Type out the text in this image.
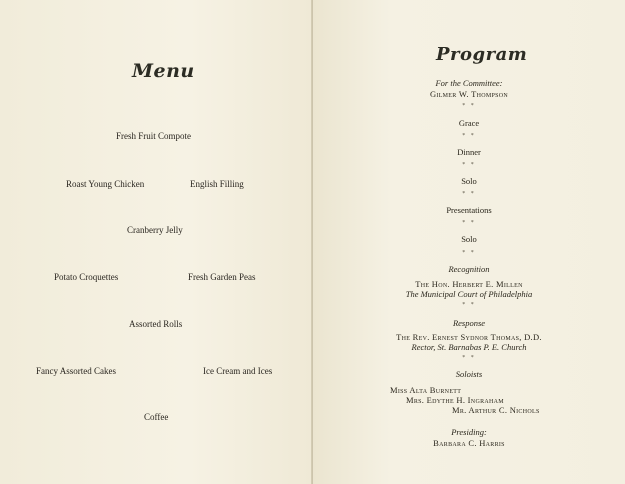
Menu
Fresh Fruit Compote
Roast Young Chicken	English Filling
Cranberry Jelly
Potato Croquettes	Fresh Garden Peas
Assorted Rolls
Fancy Assorted Cakes	Ice Cream and Ices
Coffee
Program
For the Committee:
Gilmer W. Thompson
* *
Grace
* *
Dinner
* *
Solo
* *
Presentations
* *
Solo
* *
Recognition
The Hon. Herbert E. Millen
The Municipal Court of Philadelphia
* *
Response
The Rev. Ernest Sydnor Thomas, D.D.
Rector, St. Barnabas P. E. Church
* *
Soloists
Miss Alta Burnett
Mrs. Edythe H. Ingraham
Mr. Arthur C. Nichols
Presiding:
Barbara C. Harris
